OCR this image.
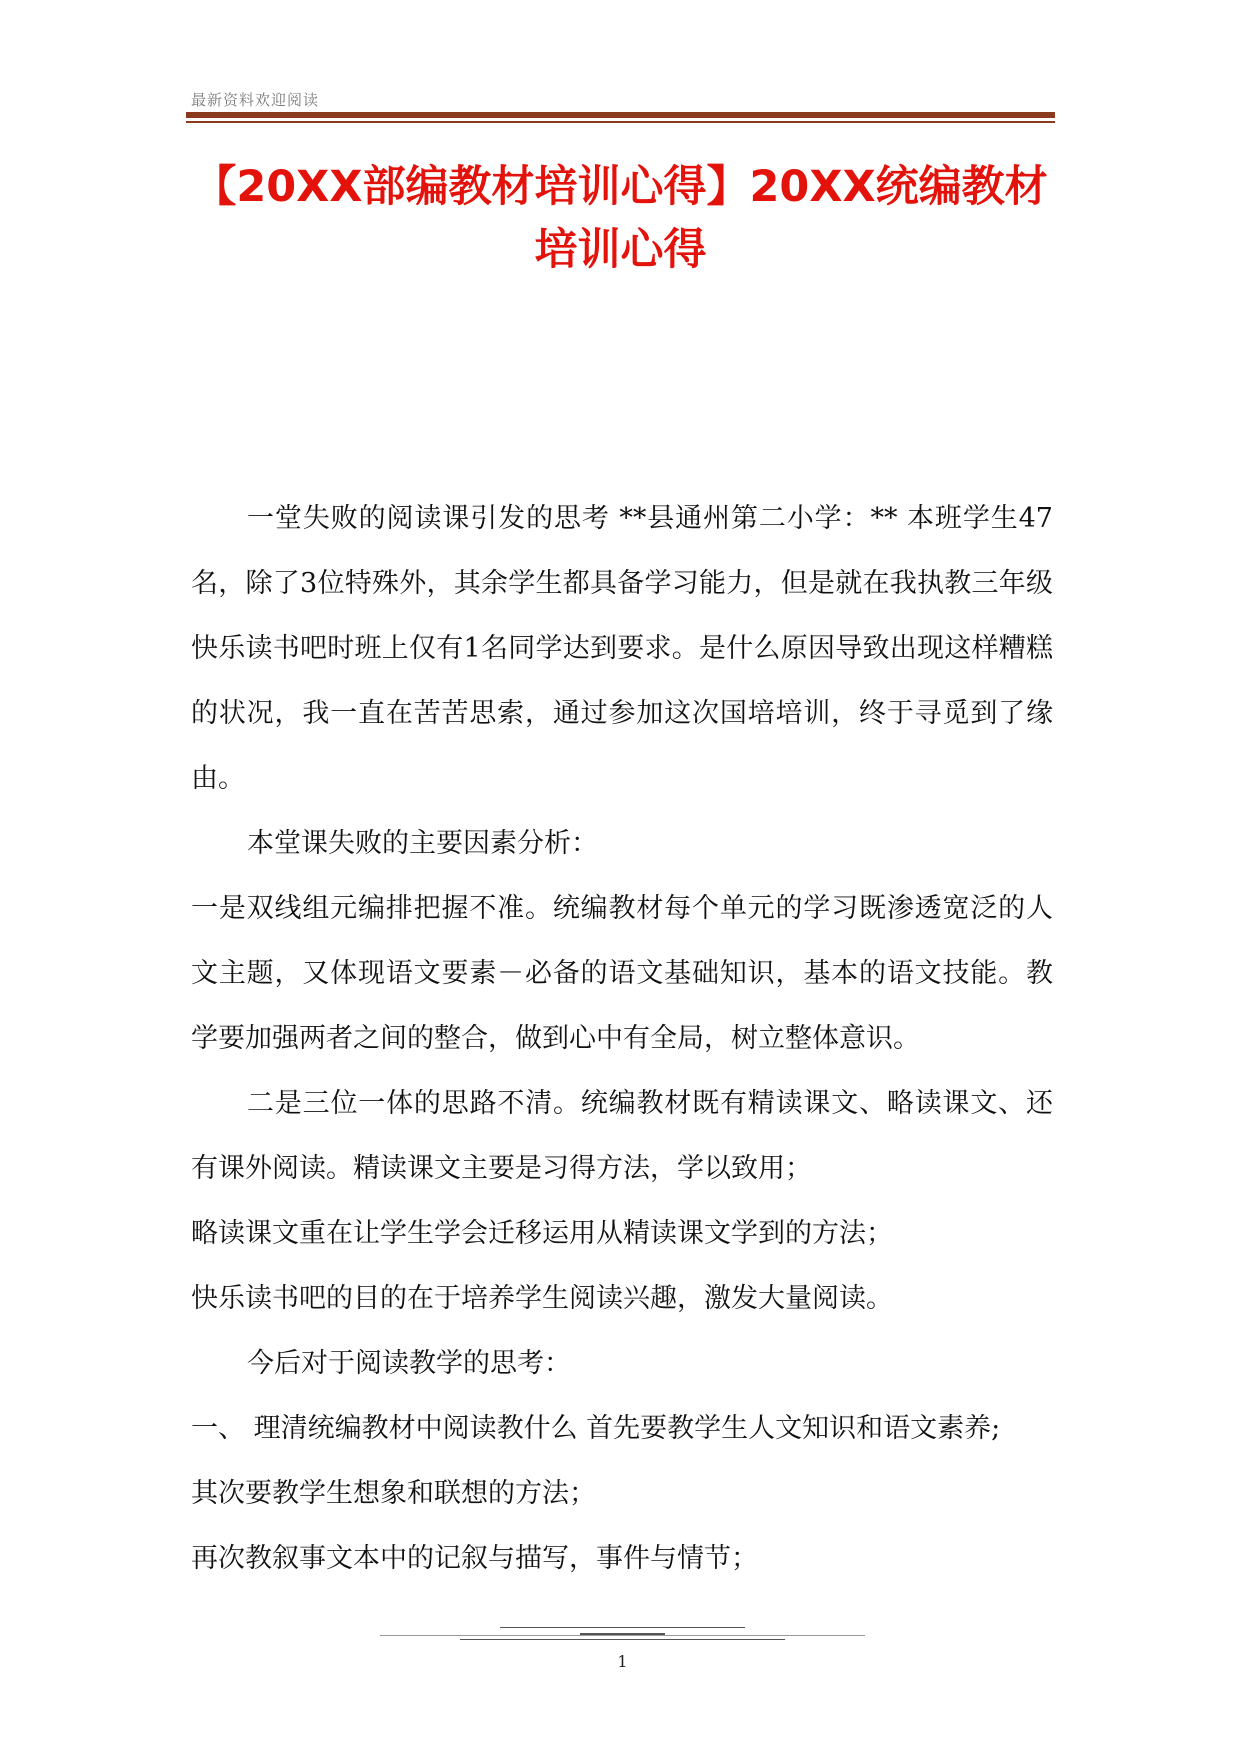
最新资料欢迎阅读
【20XX部编教材培训心得】20XX统编教材
培训心得

一堂失败的阅读课引发的思考 **县通州第二小学：** 本班学生47名，除了3位特殊外，其余学生都具备学习能力，但是就在我执教三年级快乐读书吧时班上仅有1名同学达到要求。是什么原因导致出现这样糟糕的状况，我一直在苦苦思索，通过参加这次国培培训，终于寻觅到了缘由。

本堂课失败的主要因素分析：

一是双线组元编排把握不准。统编教材每个单元的学习既渗透宽泛的人文主题，又体现语文要素－必备的语文基础知识，基本的语文技能。教学要加强两者之间的整合，做到心中有全局，树立整体意识。

二是三位一体的思路不清。统编教材既有精读课文、略读课文、还有课外阅读。精读课文主要是习得方法，学以致用；

略读课文重在让学生学会迁移运用从精读课文学到的方法；

快乐读书吧的目的在于培养学生阅读兴趣，激发大量阅读。

今后对于阅读教学的思考：

一、 理清统编教材中阅读教什么 首先要教学生人文知识和语文素养;

其次要教学生想象和联想的方法；

再次教叙事文本中的记叙与描写，事件与情节；

1
